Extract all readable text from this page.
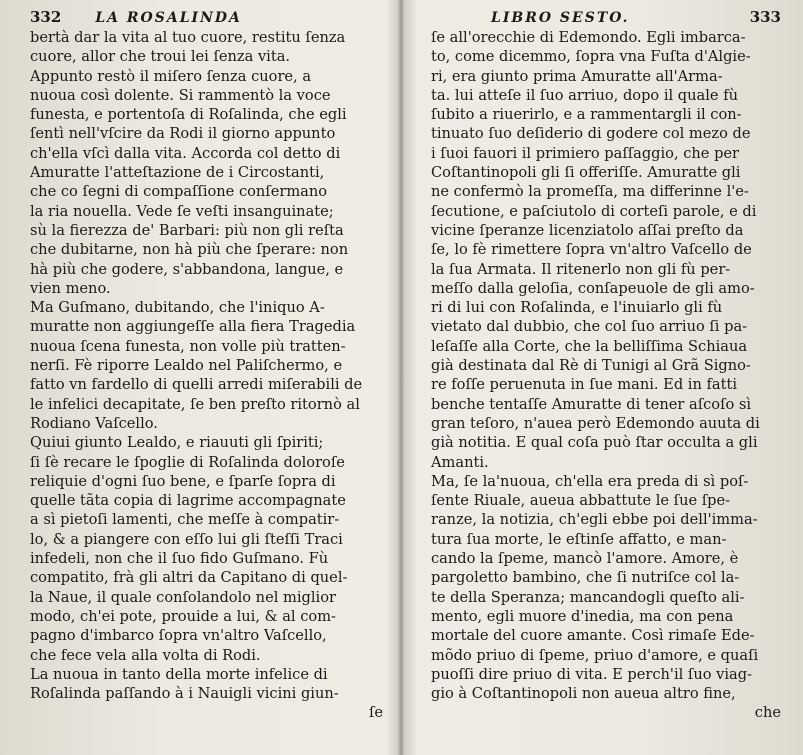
332	LA ROSALINDA
bertà dar la vita al tuo cuore, restitu ſenza
cuore, allor che troui lei ſenza vita.
Appunto restò il miſero ſenza cuore, a
nuoua così dolente. Si rammentò la voce
funesta, e portentoſa di Roſalinda, che egli
ſentì nell'vſcire da Rodi il giorno appunto
ch'ella vſcì dalla vita. Accorda col detto di
Amuratte l'atteſtazione de i Circostanti,
che co ſegni di compaſſione conſermano
la ria nouella. Vede ſe veſti insanguinate;
sù la fierezza de' Barbari: più non gli reſta
che dubitarne, non hà più che ſperare: non
hà più che godere, s'abbandona, langue, e
vien meno.
Ma Guſmano, dubitando, che l'iniquo A-
muratte non aggiungeſſe alla fiera Tragedia
nuoua ſcena funesta, non volle più tratten-
nerſi. Fè riporre Lealdo nel Paliſchermo, e
fatto vn fardello di quelli arredi miſerabili de
le infelici decapitate, ſe ben preſto ritornò al
Rodiano Vaſcello.
Quiui giunto Lealdo, e riauuti gli ſpiriti;
ſi ſè recare le ſpoglie di Roſalinda doloroſe
reliquie d'ogni ſuo bene, e ſparſe ſopra di
quelle tãta copia di lagrime accompagnate
a sì pietoſi lamenti, che meſſe à compatir-
lo, & a piangere con eſſo lui gli ſteſſi Traci
infedeli, non che il ſuo fido Guſmano. Fù
compatito, frà gli altri da Capitano di quel-
la Naue, il quale conſolandolo nel miglior
modo, ch'ei pote, prouide a lui, & al com-
pagno d'imbarco ſopra vn'altro Vaſcello,
che fece vela alla volta di Rodi.
La nuoua in tanto della morte infelice di
Roſalinda paſſando à i Nauigli vicini giun-
ſe
LIBRO SESTO.	333
ſe all'orecchie di Edemondo. Egli imbarca-
to, come dicemmo, ſopra vna Fuſta d'Algie-
ri, era giunto prima Amuratte all'Arma-
ta. lui atteſe il ſuo arriuo, dopo il quale fù
ſubito a riuerirlo, e a rammentargli il con-
tinuato ſuo deſiderio di godere col mezo de
i ſuoi fauori il primiero paſſaggio, che per
Coſtantinopoli gli ſi offeriſſe. Amuratte gli
ne confermò la promeſſa, ma differinne l'e-
ſecutione, e paſciutolo di corteſi parole, e di
vicine ſperanze licenziatolo aſſai preſto da
ſe, lo fè rimettere ſopra vn'altro Vaſcello de
la ſua Armata. Il ritenerlo non gli fù per-
meſſo dalla geloſia, conſapeuole de gli amo-
ri di lui con Roſalinda, e l'inuiarlo gli fù
vietato dal dubbio, che col ſuo arriuo ſi pa-
leſaſſe alla Corte, che la belliſſima Schiaua
già destinata dal Rè di Tunigi al Grã Signo-
re foſſe peruenuta in ſue mani. Ed in fatti
benche tentaſſe Amuratte di tener aſcoſo sì
gran teſoro, n'auea però Edemondo auuta di
già notitia. E qual coſa può ſtar occulta a gli
Amanti.
Ma, ſe la'nuoua, ch'ella era preda di sì poſ-
ſente Riuale, aueua abbattute le ſue ſpe-
ranze, la notizia, ch'egli ebbe poi dell'imma-
tura ſua morte, le eſtinſe affatto, e man-
cando la ſpeme, mancò l'amore. Amore, è
pargoletto bambino, che ſi nutriſce col la-
te della Speranza; mancandogli queſto ali-
mento, egli muore d'inedia, ma con pena
mortale del cuore amante. Così rimaſe Ede-
mõdo priuo di ſpeme, priuo d'amore, e quaſi
puoſſi dire priuo di vita. E perch'il ſuo viag-
gio à Coſtantinopoli non aueua altro fine,
che
